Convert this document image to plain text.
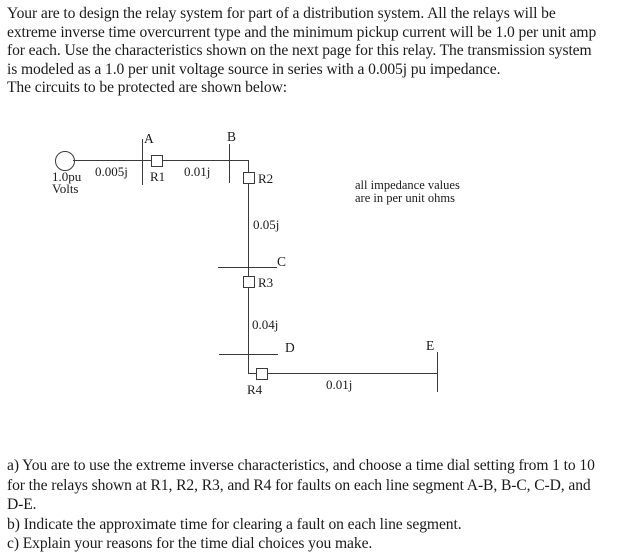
Your are to design the relay system for part of a distribution system. All the relays will be
extreme inverse time overcurrent type and the minimum pickup current will be 1.0 per unit amp
for each. Use the characteristics shown on the next page for this relay. The transmission system
is modeled as a 1.0 per unit voltage source in series with a 0.005j pu impedance.
The circuits to be protected are shown below:
1.0pu
Volts
A	B
C
D	E
R1	R2
R3
R4
0.005j	0.01j
0.05j
0.04j
0.01j
all impedance values
are in per unit ohms
a) You are to use the extreme inverse characteristics, and choose a time dial setting from 1 to 10
for the relays shown at R1, R2, R3, and R4 for faults on each line segment A-B, B-C, C-D, and
D-E.
b) Indicate the approximate time for clearing a fault on each line segment.
c) Explain your reasons for the time dial choices you make.
